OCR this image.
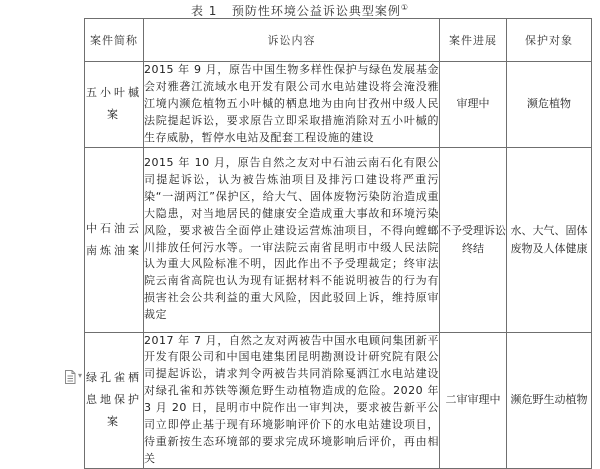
表 1 预防性环境公益诉讼典型案例①
案件简称	诉讼内容	案件进展	保护对象
五小叶槭案	2015 年 9 月，原告中国生物多样性保护与绿色发展基金会对雅砻江流域水电开发有限公司水电站建设将会淹没雅江境内濒危植物五小叶槭的栖息地为由向甘孜州中级人民法院提起诉讼，要求原告立即采取措施消除对五小叶槭的生存威胁，暂停水电站及配套工程设施的建设	审理中	濒危植物
中石油云南炼油案	2015 年 10 月，原告自然之友对中石油云南石化有限公司提起诉讼，认为被告炼油项目及排污口建设将严重污染“一湖两江”保护区，给大气、固体废物污染防治造成重大隐患，对当地居民的健康安全造成重大事故和环境污染风险，要求被告全面停止建设运营炼油项目，不得向螳螂川排放任何污水等。一审法院云南省昆明市中级人民法院认为重大风险标准不明，因此作出不予受理裁定；终审法院云南省高院也认为现有证据材料不能说明被告的行为有损害社会公共利益的重大风险，因此驳回上诉，维持原审裁定	不予受理诉讼终结	水、大气、固体废物及人体健康
绿孔雀栖息地保护案	2017 年 7 月，自然之友对两被告中国水电顾问集团新平开发有限公司和中国电建集团昆明勘测设计研究院有限公司提起诉讼，请求判令两被告共同消除戛洒江水电站建设对绿孔雀和苏铁等濒危野生动植物造成的危险。2020 年 3 月 20 日，昆明市中院作出一审判决，要求被告新平公司立即停止基于现有环境影响评价下的水电站建设项目，待重新按生态环境部的要求完成环境影响后评价，再由相关	二审审理中	濒危野生动植物
▾
